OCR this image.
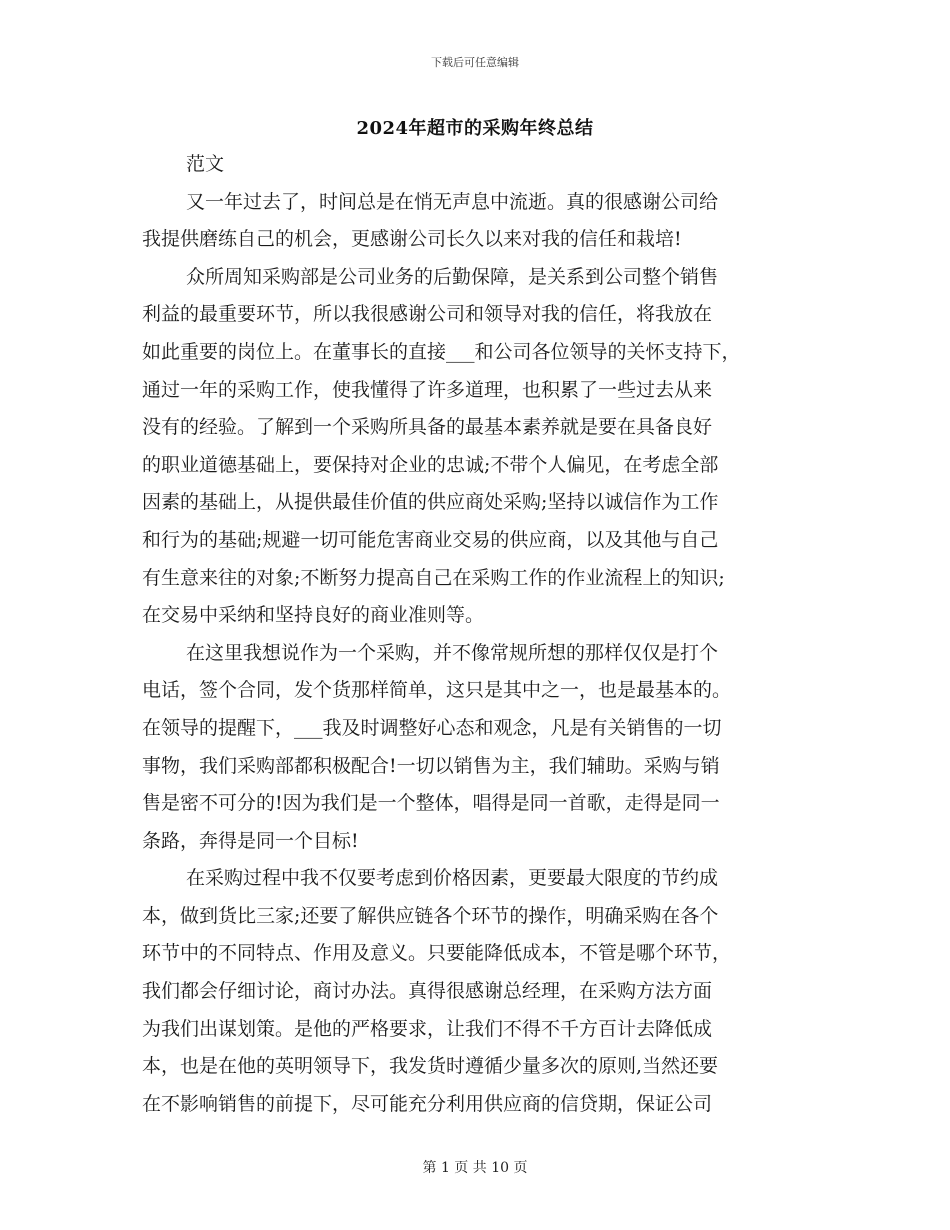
下载后可任意编辑
2024年超市的采购年终总结
范文
又一年过去了，时间总是在悄无声息中流逝。真的很感谢公司给
我提供磨练自己的机会，更感谢公司长久以来对我的信任和栽培!
众所周知采购部是公司业务的后勤保障，是关系到公司整个销售
利益的最重要环节，所以我很感谢公司和领导对我的信任，将我放在
如此重要的岗位上。在董事长的直接___和公司各位领导的关怀支持下，
通过一年的采购工作，使我懂得了许多道理，也积累了一些过去从来
没有的经验。了解到一个采购所具备的最基本素养就是要在具备良好
的职业道德基础上，要保持对企业的忠诚;不带个人偏见，在考虑全部
因素的基础上，从提供最佳价值的供应商处采购;坚持以诚信作为工作
和行为的基础;规避一切可能危害商业交易的供应商，以及其他与自己
有生意来往的对象;不断努力提高自己在采购工作的作业流程上的知识;
在交易中采纳和坚持良好的商业准则等。
在这里我想说作为一个采购，并不像常规所想的那样仅仅是打个
电话，签个合同，发个货那样简单，这只是其中之一，也是最基本的。
在领导的提醒下，___我及时调整好心态和观念，凡是有关销售的一切
事物，我们采购部都积极配合!一切以销售为主，我们辅助。采购与销
售是密不可分的!因为我们是一个整体，唱得是同一首歌，走得是同一
条路，奔得是同一个目标!
在采购过程中我不仅要考虑到价格因素，更要最大限度的节约成
本，做到货比三家;还要了解供应链各个环节的操作，明确采购在各个
环节中的不同特点、作用及意义。只要能降低成本，不管是哪个环节，
我们都会仔细讨论，商讨办法。真得很感谢总经理，在采购方法方面
为我们出谋划策。是他的严格要求，让我们不得不千方百计去降低成
本，也是在他的英明领导下，我发货时遵循少量多次的原则,当然还要
在不影响销售的前提下，尽可能充分利用供应商的信贷期，保证公司
第 1 页 共 10 页
